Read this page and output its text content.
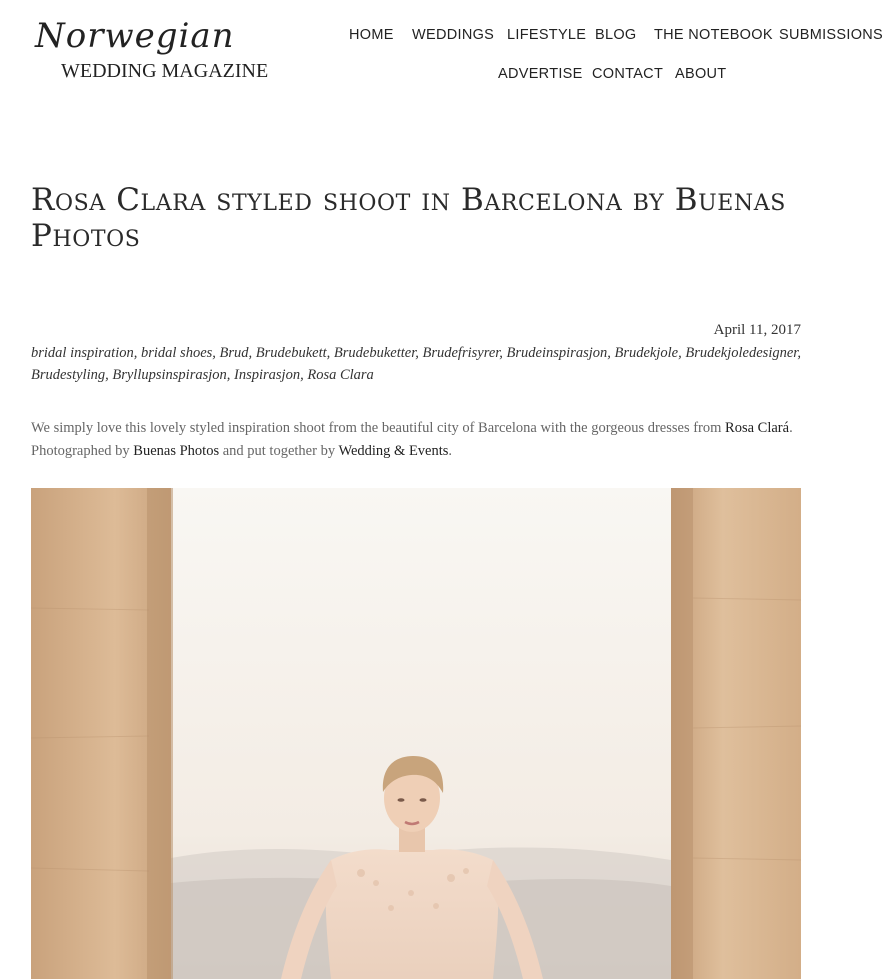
Norwegian
WEDDING MAGAZINE
HOME WEDDINGS LIFESTYLE BLOG THE NOTEBOOK SUBMISSIONS
ADVERTISE CONTACT ABOUT
Rosa Clara styled shoot in Barcelona by Buenas Photos
April 11, 2017
bridal inspiration, bridal shoes, Brud, Brudebukett, Brudebuketter, Brudefrisyrer, Brudeinspirasjon, Brudekjole, Brudekjoledesigner, Brudestyling, Bryllupsinspirasjon, Inspirasjon, Rosa Clara

We simply love this lovely styled inspiration shoot from the beautiful city of Barcelona with the gorgeous dresses from Rosa Clará. Photographed by Buenas Photos and put together by Wedding & Events.
